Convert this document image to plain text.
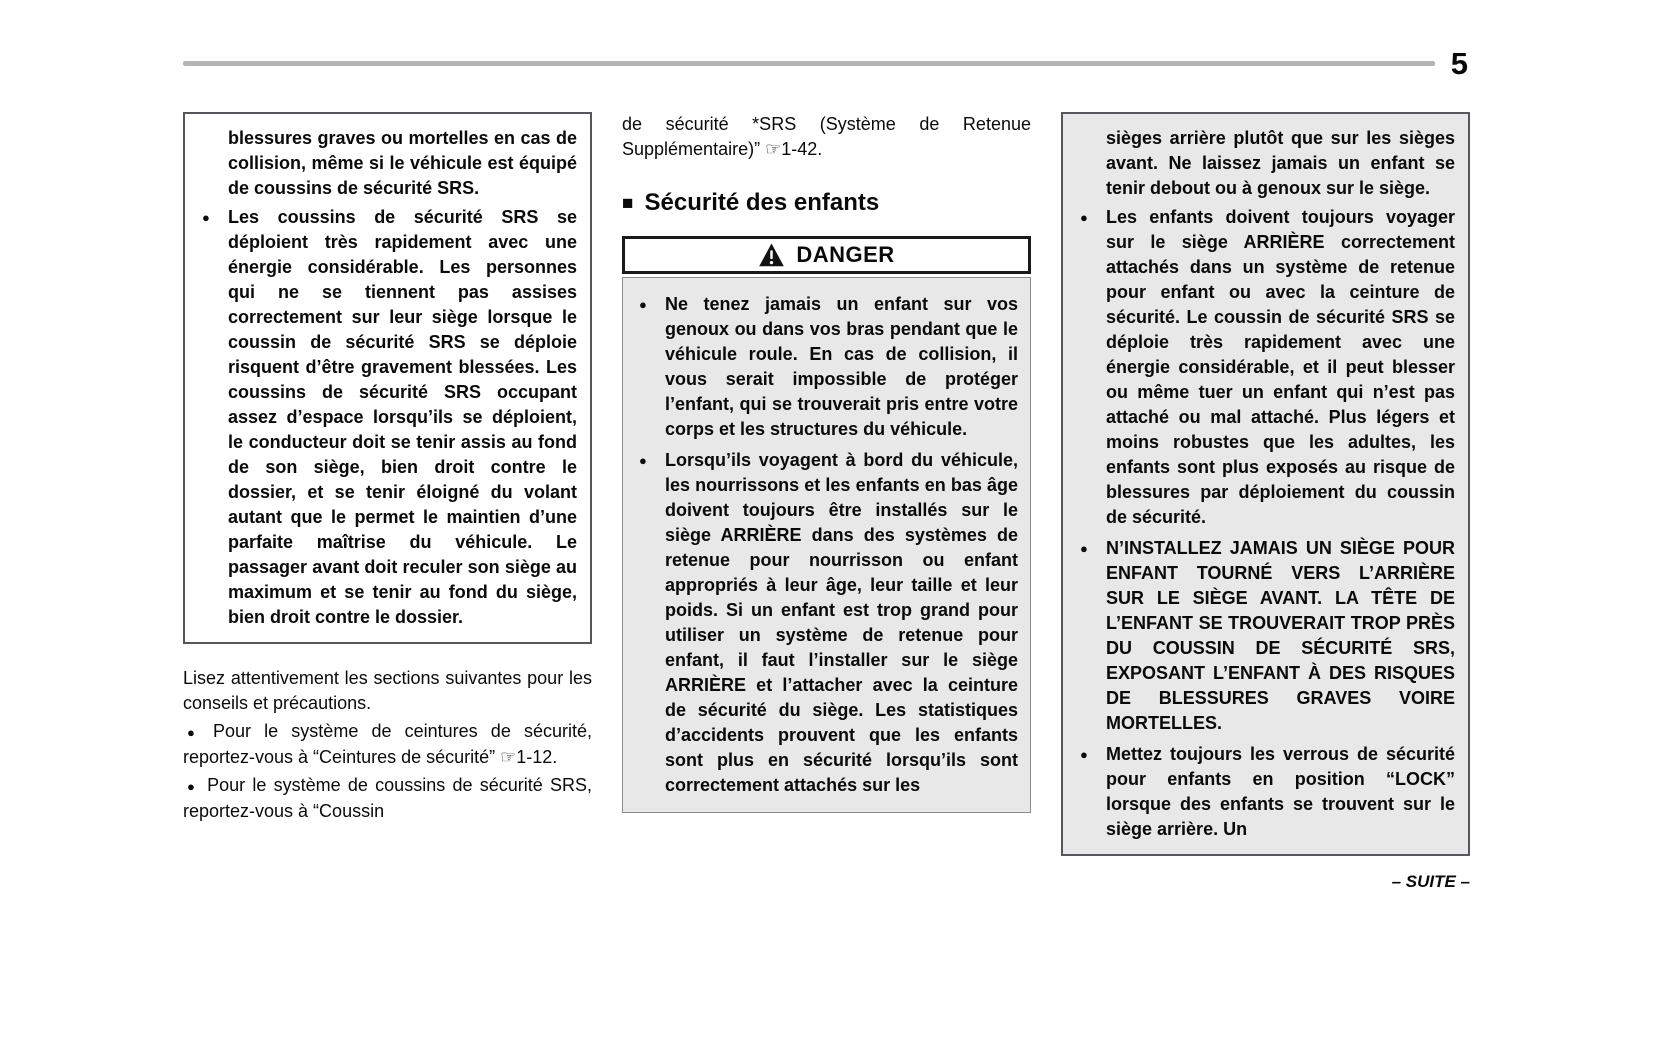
5

blessures graves ou mortelles en cas de collision, même si le véhicule est équipé de coussins de sécurité SRS.

●	Les coussins de sécurité SRS se déploient très rapidement avec une énergie considérable. Les personnes qui ne se tiennent pas assises correctement sur leur siège lorsque le coussin de sécurité SRS se déploie risquent d’être gravement blessées. Les coussins de sécurité SRS occupant assez d’espace lorsqu’ils se déploient, le conducteur doit se tenir assis au fond de son siège, bien droit contre le dossier, et se tenir éloigné du volant autant que le permet le maintien d’une parfaite maîtrise du véhicule. Le passager avant doit reculer son siège au maximum et se tenir au fond du siège, bien droit contre le dossier.

Lisez attentivement les sections suivantes pour les conseils et précautions.

● Pour le système de ceintures de sécurité, reportez-vous à “Ceintures de sécurité” ☞1-12.

● Pour le système de coussins de sécurité SRS, reportez-vous à “Coussin

de sécurité *SRS (Système de Retenue Supplémentaire)” ☞1-42.

■ Sécurité des enfants
DANGER
●	Ne tenez jamais un enfant sur vos genoux ou dans vos bras pendant que le véhicule roule. En cas de collision, il vous serait impossible de protéger l’enfant, qui se trouverait pris entre votre corps et les structures du véhicule.
●	Lorsqu’ils voyagent à bord du véhicule, les nourrissons et les enfants en bas âge doivent toujours être installés sur le siège ARRIÈRE dans des systèmes de retenue pour nourrisson ou enfant appropriés à leur âge, leur taille et leur poids. Si un enfant est trop grand pour utiliser un système de retenue pour enfant, il faut l’installer sur le siège ARRIÈRE et l’attacher avec la ceinture de sécurité du siège. Les statistiques d’accidents prouvent que les enfants sont plus en sécurité lorsqu’ils sont correctement attachés sur les

sièges arrière plutôt que sur les sièges avant. Ne laissez jamais un enfant se tenir debout ou à genoux sur le siège.

●	Les enfants doivent toujours voyager sur le siège ARRIÈRE correctement attachés dans un système de retenue pour enfant ou avec la ceinture de sécurité. Le coussin de sécurité SRS se déploie très rapidement avec une énergie considérable, et il peut blesser ou même tuer un enfant qui n’est pas attaché ou mal attaché. Plus légers et moins robustes que les adultes, les enfants sont plus exposés au risque de blessures par déploiement du coussin de sécurité.
●	N’INSTALLEZ JAMAIS UN SIÈGE POUR ENFANT TOURNÉ VERS L’ARRIÈRE SUR LE SIÈGE AVANT. LA TÊTE DE L’ENFANT SE TROUVERAIT TROP PRÈS DU COUSSIN DE SÉCURITÉ SRS, EXPOSANT L’ENFANT À DES RISQUES DE BLESSURES GRAVES VOIRE MORTELLES.
●	Mettez toujours les verrous de sécurité pour enfants en position “LOCK” lorsque des enfants se trouvent sur le siège arrière. Un
– SUITE –
